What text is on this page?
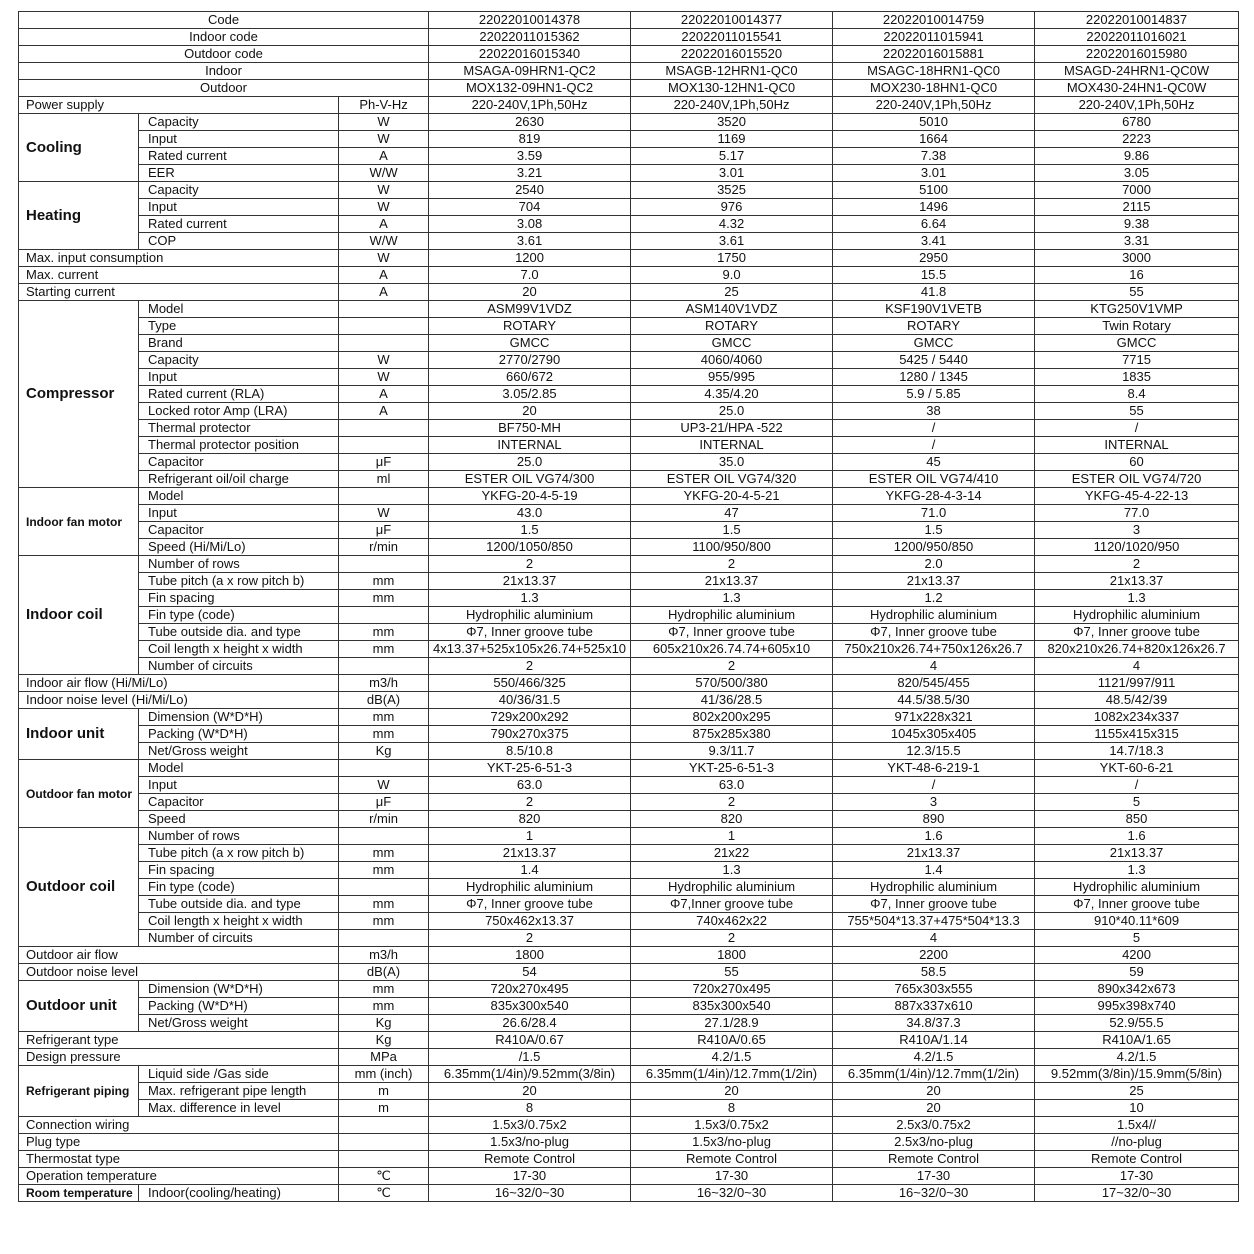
Code			22022010014378	22022010014377	22022010014759	22022010014837
Indoor code			22022011015362	22022011015541	22022011015941	22022011016021
Outdoor code			22022016015340	22022016015520	22022016015881	22022016015980
Indoor			MSAGA-09HRN1-QC2	MSAGB-12HRN1-QC0	MSAGC-18HRN1-QC0	MSAGD-24HRN1-QC0W
Outdoor			MOX132-09HN1-QC2	MOX130-12HN1-QC0	MOX230-18HN1-QC0	MOX430-24HN1-QC0W
Power supply		Ph-V-Hz	220-240V,1Ph,50Hz	220-240V,1Ph,50Hz	220-240V,1Ph,50Hz	220-240V,1Ph,50Hz
Cooling	Capacity	W	2630	3520	5010	6780
	Input	W	819	1169	1664	2223
	Rated current	A	3.59	5.17	7.38	9.86
	EER	W/W	3.21	3.01	3.01	3.05
Heating	Capacity	W	2540	3525	5100	7000
	Input	W	704	976	1496	2115
	Rated current	A	3.08	4.32	6.64	9.38
	COP	W/W	3.61	3.61	3.41	3.31
Max. input consumption		W	1200	1750	2950	3000
Max. current		A	7.0	9.0	15.5	16
Starting current		A	20	25	41.8	55
Compressor	Model		ASM99V1VDZ	ASM140V1VDZ	KSF190V1VETB	KTG250V1VMP
	Type		ROTARY	ROTARY	ROTARY	Twin Rotary
	Brand		GMCC	GMCC	GMCC	GMCC
	Capacity	W	2770/2790	4060/4060	5425 / 5440	7715
	Input	W	660/672	955/995	1280 / 1345	1835
	Rated current (RLA)	A	3.05/2.85	4.35/4.20	5.9 / 5.85	8.4
	Locked rotor Amp (LRA)	A	20	25.0	38	55
	Thermal protector		BF750-MH	UP3-21/HPA -522	/	/
	Thermal protector position		INTERNAL	INTERNAL	/	INTERNAL
	Capacitor	μF	25.0	35.0	45	60
	Refrigerant oil/oil charge	ml	ESTER OIL VG74/300	ESTER OIL VG74/320	ESTER OIL VG74/410	ESTER OIL VG74/720
Indoor fan motor	Model		YKFG-20-4-5-19	YKFG-20-4-5-21	YKFG-28-4-3-14	YKFG-45-4-22-13
	Input	W	43.0	47	71.0	77.0
	Capacitor	μF	1.5	1.5	1.5	3
	Speed (Hi/Mi/Lo)	r/min	1200/1050/850	1100/950/800	1200/950/850	1120/1020/950
Indoor coil	Number of rows		2	2	2.0	2
	Tube pitch (a x row pitch b)	mm	21x13.37	21x13.37	21x13.37	21x13.37
	Fin spacing	mm	1.3	1.3	1.2	1.3
	Fin type (code)		Hydrophilic aluminium	Hydrophilic aluminium	Hydrophilic aluminium	Hydrophilic aluminium
	Tube outside dia. and type	mm	Φ7, Inner groove tube	Φ7, Inner groove tube	Φ7, Inner groove tube	Φ7, Inner groove tube
	Coil length x height x width	mm	4x13.37+525x105x26.74+525x10	605x210x26.74.74+605x10	750x210x26.74+750x126x26.7	820x210x26.74+820x126x26.7
	Number of circuits		2	2	4	4
Indoor air flow (Hi/Mi/Lo)		m3/h	550/466/325	570/500/380	820/545/455	1121/997/911
Indoor noise level (Hi/Mi/Lo)		dB(A)	40/36/31.5	41/36/28.5	44.5/38.5/30	48.5/42/39
Indoor unit	Dimension (W*D*H)	mm	729x200x292	802x200x295	971x228x321	1082x234x337
	Packing (W*D*H)	mm	790x270x375	875x285x380	1045x305x405	1155x415x315
	Net/Gross weight	Kg	8.5/10.8	9.3/11.7	12.3/15.5	14.7/18.3
Outdoor fan motor	Model		YKT-25-6-51-3	YKT-25-6-51-3	YKT-48-6-219-1	YKT-60-6-21
	Input	W	63.0	63.0	/	/
	Capacitor	μF	2	2	3	5
	Speed	r/min	820	820	890	850
Outdoor coil	Number of rows		1	1	1.6	1.6
	Tube pitch (a x row pitch b)	mm	21x13.37	21x22	21x13.37	21x13.37
	Fin spacing	mm	1.4	1.3	1.4	1.3
	Fin type (code)		Hydrophilic aluminium	Hydrophilic aluminium	Hydrophilic aluminium	Hydrophilic aluminium
	Tube outside dia. and type	mm	Φ7, Inner groove tube	Φ7,Inner groove tube	Φ7, Inner groove tube	Φ7, Inner groove tube
	Coil length x height x width	mm	750x462x13.37	740x462x22	755*504*13.37+475*504*13.3	910*40.11*609
	Number of circuits		2	2	4	5
Outdoor air flow		m3/h	1800	1800	2200	4200
Outdoor noise level		dB(A)	54	55	58.5	59
Outdoor unit	Dimension (W*D*H)	mm	720x270x495	720x270x495	765x303x555	890x342x673
	Packing (W*D*H)	mm	835x300x540	835x300x540	887x337x610	995x398x740
	Net/Gross weight	Kg	26.6/28.4	27.1/28.9	34.8/37.3	52.9/55.5
Refrigerant type		Kg	R410A/0.67	R410A/0.65	R410A/1.14	R410A/1.65
Design pressure		MPa	/1.5	4.2/1.5	4.2/1.5	4.2/1.5
Refrigerant piping	Liquid side /Gas side	mm (inch)	6.35mm(1/4in)/9.52mm(3/8in)	6.35mm(1/4in)/12.7mm(1/2in)	6.35mm(1/4in)/12.7mm(1/2in)	9.52mm(3/8in)/15.9mm(5/8in)
	Max. refrigerant pipe length	m	20	20	20	25
	Max. difference in level	m	8	8	20	10
Connection wiring			1.5x3/0.75x2	1.5x3/0.75x2	2.5x3/0.75x2	1.5x4//
Plug type			1.5x3/no-plug	1.5x3/no-plug	2.5x3/no-plug	//no-plug
Thermostat type			Remote Control	Remote Control	Remote Control	Remote Control
Operation temperature		℃	17-30	17-30	17-30	17-30
Room temperature	Indoor(cooling/heating)	℃	16~32/0~30	16~32/0~30	16~32/0~30	17~32/0~30
